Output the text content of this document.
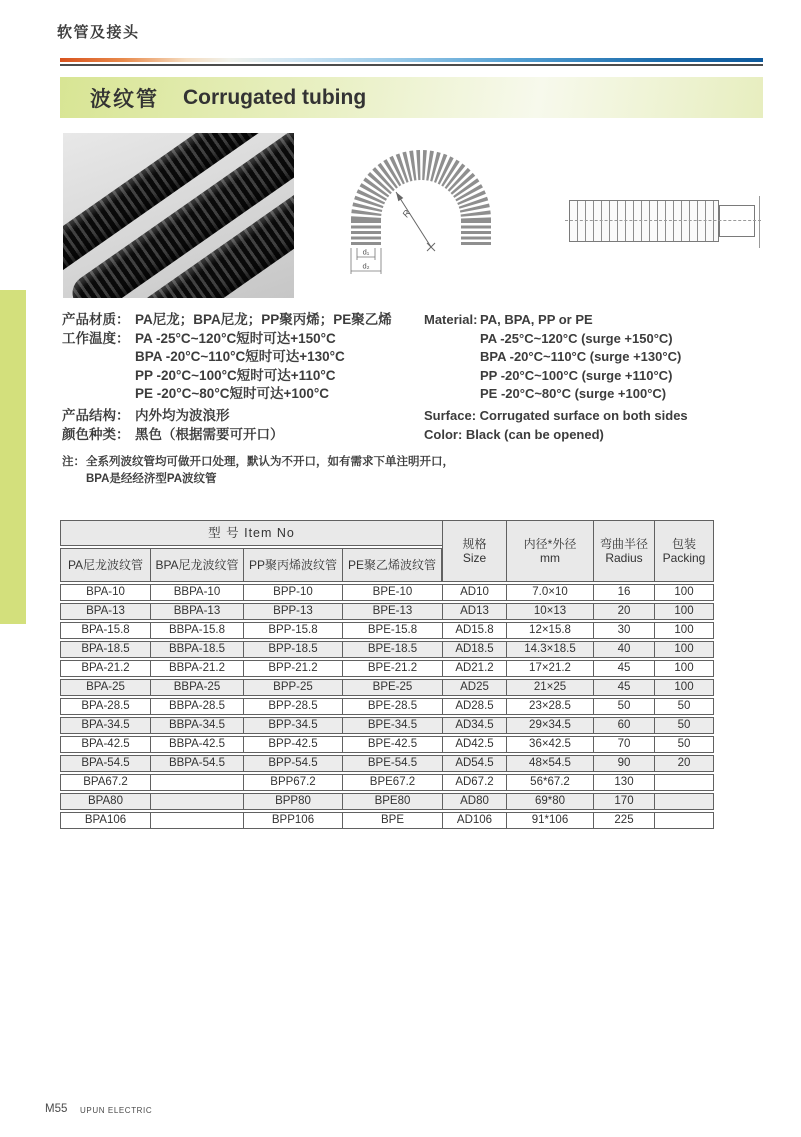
软管及接头
波纹管 Corrugated tubing
R
d₁
d₂
产品材质： PA尼龙；BPA尼龙；PP聚丙烯；PE聚乙烯
工作温度： PA -25°C~120°C短时可达+150°C
BPA -20°C~110°C短时可达+130°C
PP -20°C~100°C短时可达+110°C
PE -20°C~80°C短时可达+100°C
Material: PA, BPA, PP or PE
PA -25°C~120°C (surge +150°C)
BPA -20°C~110°C (surge +130°C)
PP -20°C~100°C (surge +110°C)
PE -20°C~80°C (surge +100°C)
产品结构： 内外均为波浪形
颜色种类： 黑色（根据需要可开口）
Surface: Corrugated surface on both sides
Color: Black (can be opened)
注： 全系列波纹管均可做开口处理，默认为不开口，如有需求下单注明开口，
BPA是经经济型PA波纹管
型 号 Item No	
规格
Size

内径*外径
mm

弯曲半径
Radius

包装
Packing

PA尼龙波纹管	BPA尼龙波纹管	PP聚丙烯波纹管	PE聚乙烯波纹管				
BPA-10	BBPA-10	BPP-10	BPE-10	AD10	7.0×10	16	100
BPA-13	BBPA-13	BPP-13	BPE-13	AD13	10×13	20	100
BPA-15.8	BBPA-15.8	BPP-15.8	BPE-15.8	AD15.8	12×15.8	30	100
BPA-18.5	BBPA-18.5	BPP-18.5	BPE-18.5	AD18.5	14.3×18.5	40	100
BPA-21.2	BBPA-21.2	BPP-21.2	BPE-21.2	AD21.2	17×21.2	45	100
BPA-25	BBPA-25	BPP-25	BPE-25	AD25	21×25	45	100
BPA-28.5	BBPA-28.5	BPP-28.5	BPE-28.5	AD28.5	23×28.5	50	50
BPA-34.5	BBPA-34.5	BPP-34.5	BPE-34.5	AD34.5	29×34.5	60	50
BPA-42.5	BBPA-42.5	BPP-42.5	BPE-42.5	AD42.5	36×42.5	70	50
BPA-54.5	BBPA-54.5	BPP-54.5	BPE-54.5	AD54.5	48×54.5	90	20
BPA67.2		BPP67.2	BPE67.2	AD67.2	56*67.2	130	
BPA80		BPP80	BPE80	AD80	69*80	170	
BPA106		BPP106	BPE	AD106	91*106	225	
M55 UPUN ELECTRIC
